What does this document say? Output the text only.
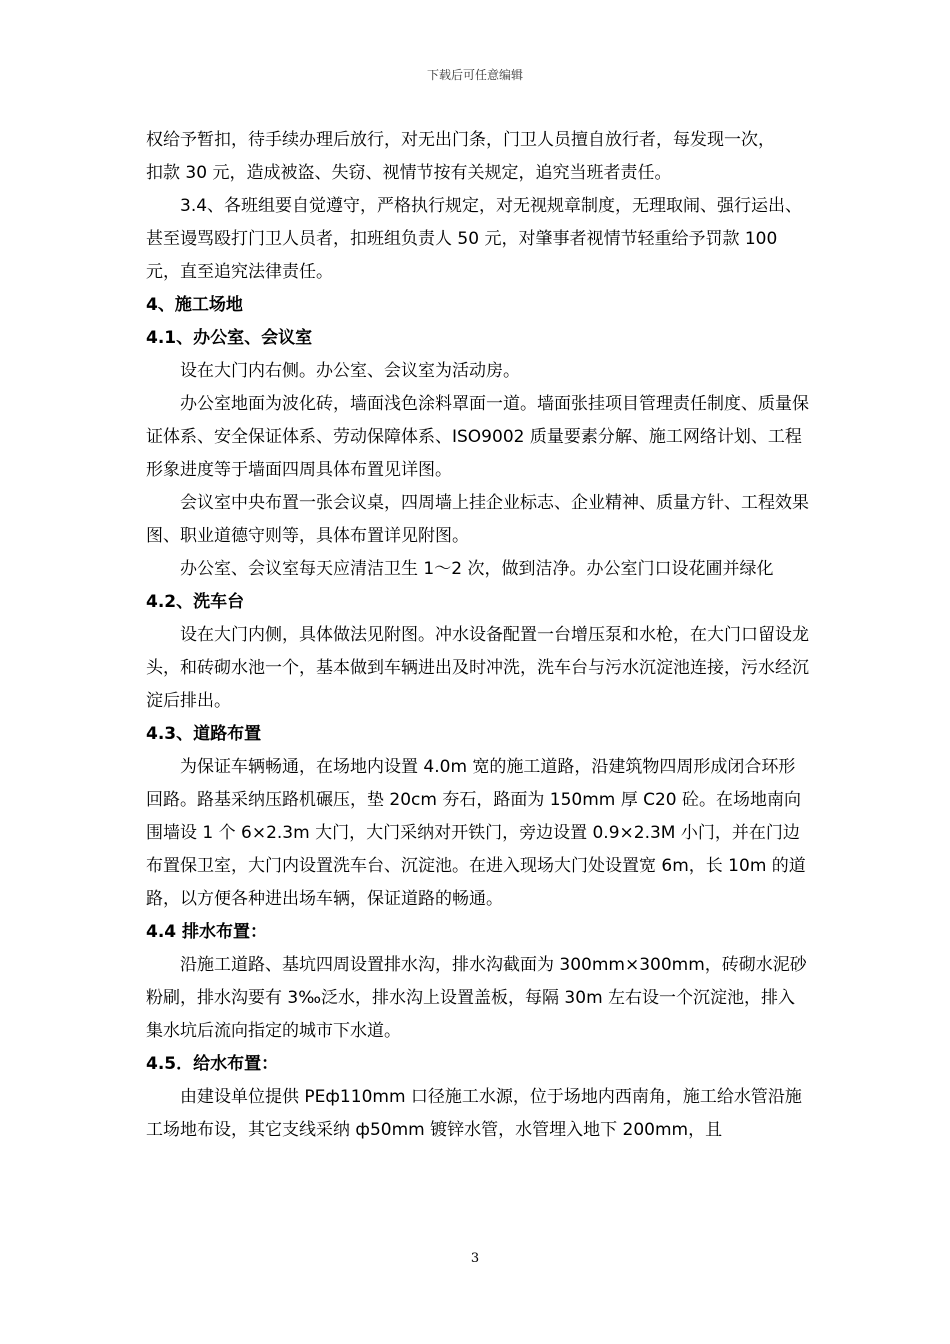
下载后可任意编辑

权给予暂扣，待手续办理后放行，对无出门条，门卫人员擅自放行者，每发现一次，

扣款 30 元，造成被盗、失窃、视情节按有关规定，追究当班者责任。

3.4、各班组要自觉遵守，严格执行规定，对无视规章制度，无理取闹、强行运出、甚至谩骂殴打门卫人员者，扣班组负责人 50 元，对肇事者视情节轻重给予罚款 100 元，直至追究法律责任。

4、施工场地

4.1、办公室、会议室

设在大门内右侧。办公室、会议室为活动房。

办公室地面为波化砖，墙面浅色涂料罩面一道。墙面张挂项目管理责任制度、质量保证体系、安全保证体系、劳动保障体系、ISO9002 质量要素分解、施工网络计划、工程形象进度等于墙面四周具体布置见详图。

会议室中央布置一张会议桌，四周墙上挂企业标志、企业精神、质量方针、工程效果图、职业道德守则等，具体布置详见附图。

办公室、会议室每天应清洁卫生 1～2 次，做到洁净。办公室门口设花圃并绿化

4.2、洗车台

设在大门内侧，具体做法见附图。冲水设备配置一台增压泵和水枪，在大门口留设龙头，和砖砌水池一个，基本做到车辆进出及时冲洗，洗车台与污水沉淀池连接，污水经沉淀后排出。

4.3、道路布置

为保证车辆畅通，在场地内设置 4.0m 宽的施工道路，沿建筑物四周形成闭合环形回路。路基采纳压路机碾压，垫 20cm 夯石，路面为 150mm 厚 C20 砼。在场地南向围墙设 1 个 6×2.3m 大门，大门采纳对开铁门，旁边设置 0.9×2.3M 小门，并在门边布置保卫室，大门内设置洗车台、沉淀池。在进入现场大门处设置宽 6m，长 10m 的道路，以方便各种进出场车辆，保证道路的畅通。

4.4 排水布置：

沿施工道路、基坑四周设置排水沟，排水沟截面为 300mm×300mm，砖砌水泥砂粉刷，排水沟要有 3‰泛水，排水沟上设置盖板，每隔 30m 左右设一个沉淀池，排入集水坑后流向指定的城市下水道。

4.5．给水布置：

由建设单位提供 PEф110mm 口径施工水源，位于场地内西南角，施工给水管沿施工场地布设，其它支线采纳 ф50mm 镀锌水管，水管埋入地下 200mm，且

3
